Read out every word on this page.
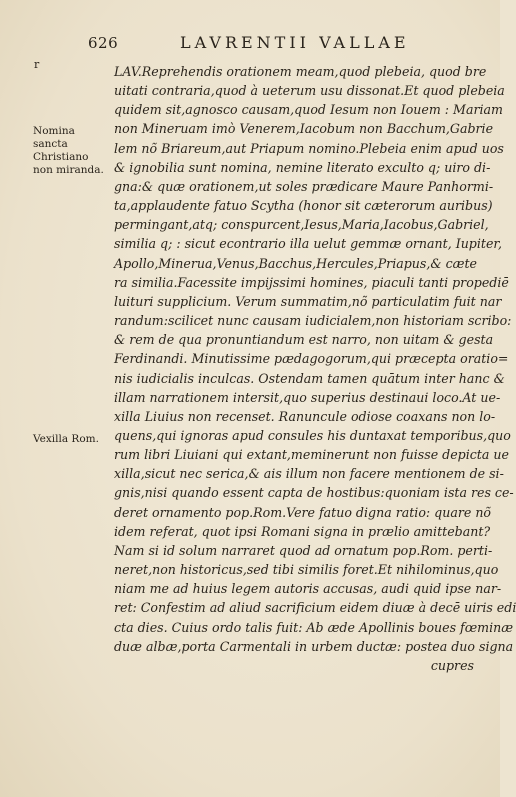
626	LAVRENTII VALLAE
r
Nomina sancta Christiano non miranda.
Vexilla Rom.
LAV.Reprehendis orationem meam,quod plebeia, quod bre
uitati contraria,quod à ueterum usu dissonat.Et quod plebeia
quidem sit,agnosco causam,quod Iesum non Iouem : Mariam
non Mineruam imò Venerem,Iacobum non Bacchum,Gabrie
lem nõ Briareum,aut Priapum nomino.Plebeia enim apud uos
& ignobilia sunt nomina, nemine literato exculto q; uiro di-
gna:& quæ orationem,ut soles prædicare Maure Panhormi-
ta,applaudente fatuo Scytha (honor sit cæterorum auribus)
permingant,atq; conspurcent,Iesus,Maria,Iacobus,Gabriel,
similia q; : sicut econtrario illa uelut gemmæ ornant, Iupiter,
Apollo,Minerua,Venus,Bacchus,Hercules,Priapus,& cæte
ra similia.Facessite impijssimi homines, piaculi tanti propediē
luituri supplicium. Verum summatim,nõ particulatim fuit nar
randum:scilicet nunc causam iudicialem,non historiam scribo:
& rem de qua pronuntiandum est narro, non uitam & gesta
Ferdinandi. Minutissime pædagogorum,qui præcepta oratio=
nis iudicialis inculcas. Ostendam tamen quātum inter hanc &
illam narrationem intersit,quo superius destinaui loco.At ue-
xilla Liuius non recenset. Ranuncule odiose coaxans non lo-
quens,qui ignoras apud consules his duntaxat temporibus,quo
rum libri Liuiani qui extant,meminerunt non fuisse depicta ue
xilla,sicut nec serica,& ais illum non facere mentionem de si-
gnis,nisi quando essent capta de hostibus:quoniam ista res ce-
deret ornamento pop.Rom.Vere fatuo digna ratio: quare nõ
idem referat, quot ipsi Romani signa in prælio amittebant?
Nam si id solum narraret quod ad ornatum pop.Rom. perti-
neret,non historicus,sed tibi similis foret.Et nihilominus,quo
niam me ad huius legem autoris accusas, audi quid ipse nar-
ret: Confestim ad aliud sacrificium eidem diuæ à decē uiris edi
cta dies. Cuius ordo talis fuit: Ab æde Apollinis boues fœminæ
duæ albæ,porta Carmentali in urbem ductæ: postea duo signa
cupres
